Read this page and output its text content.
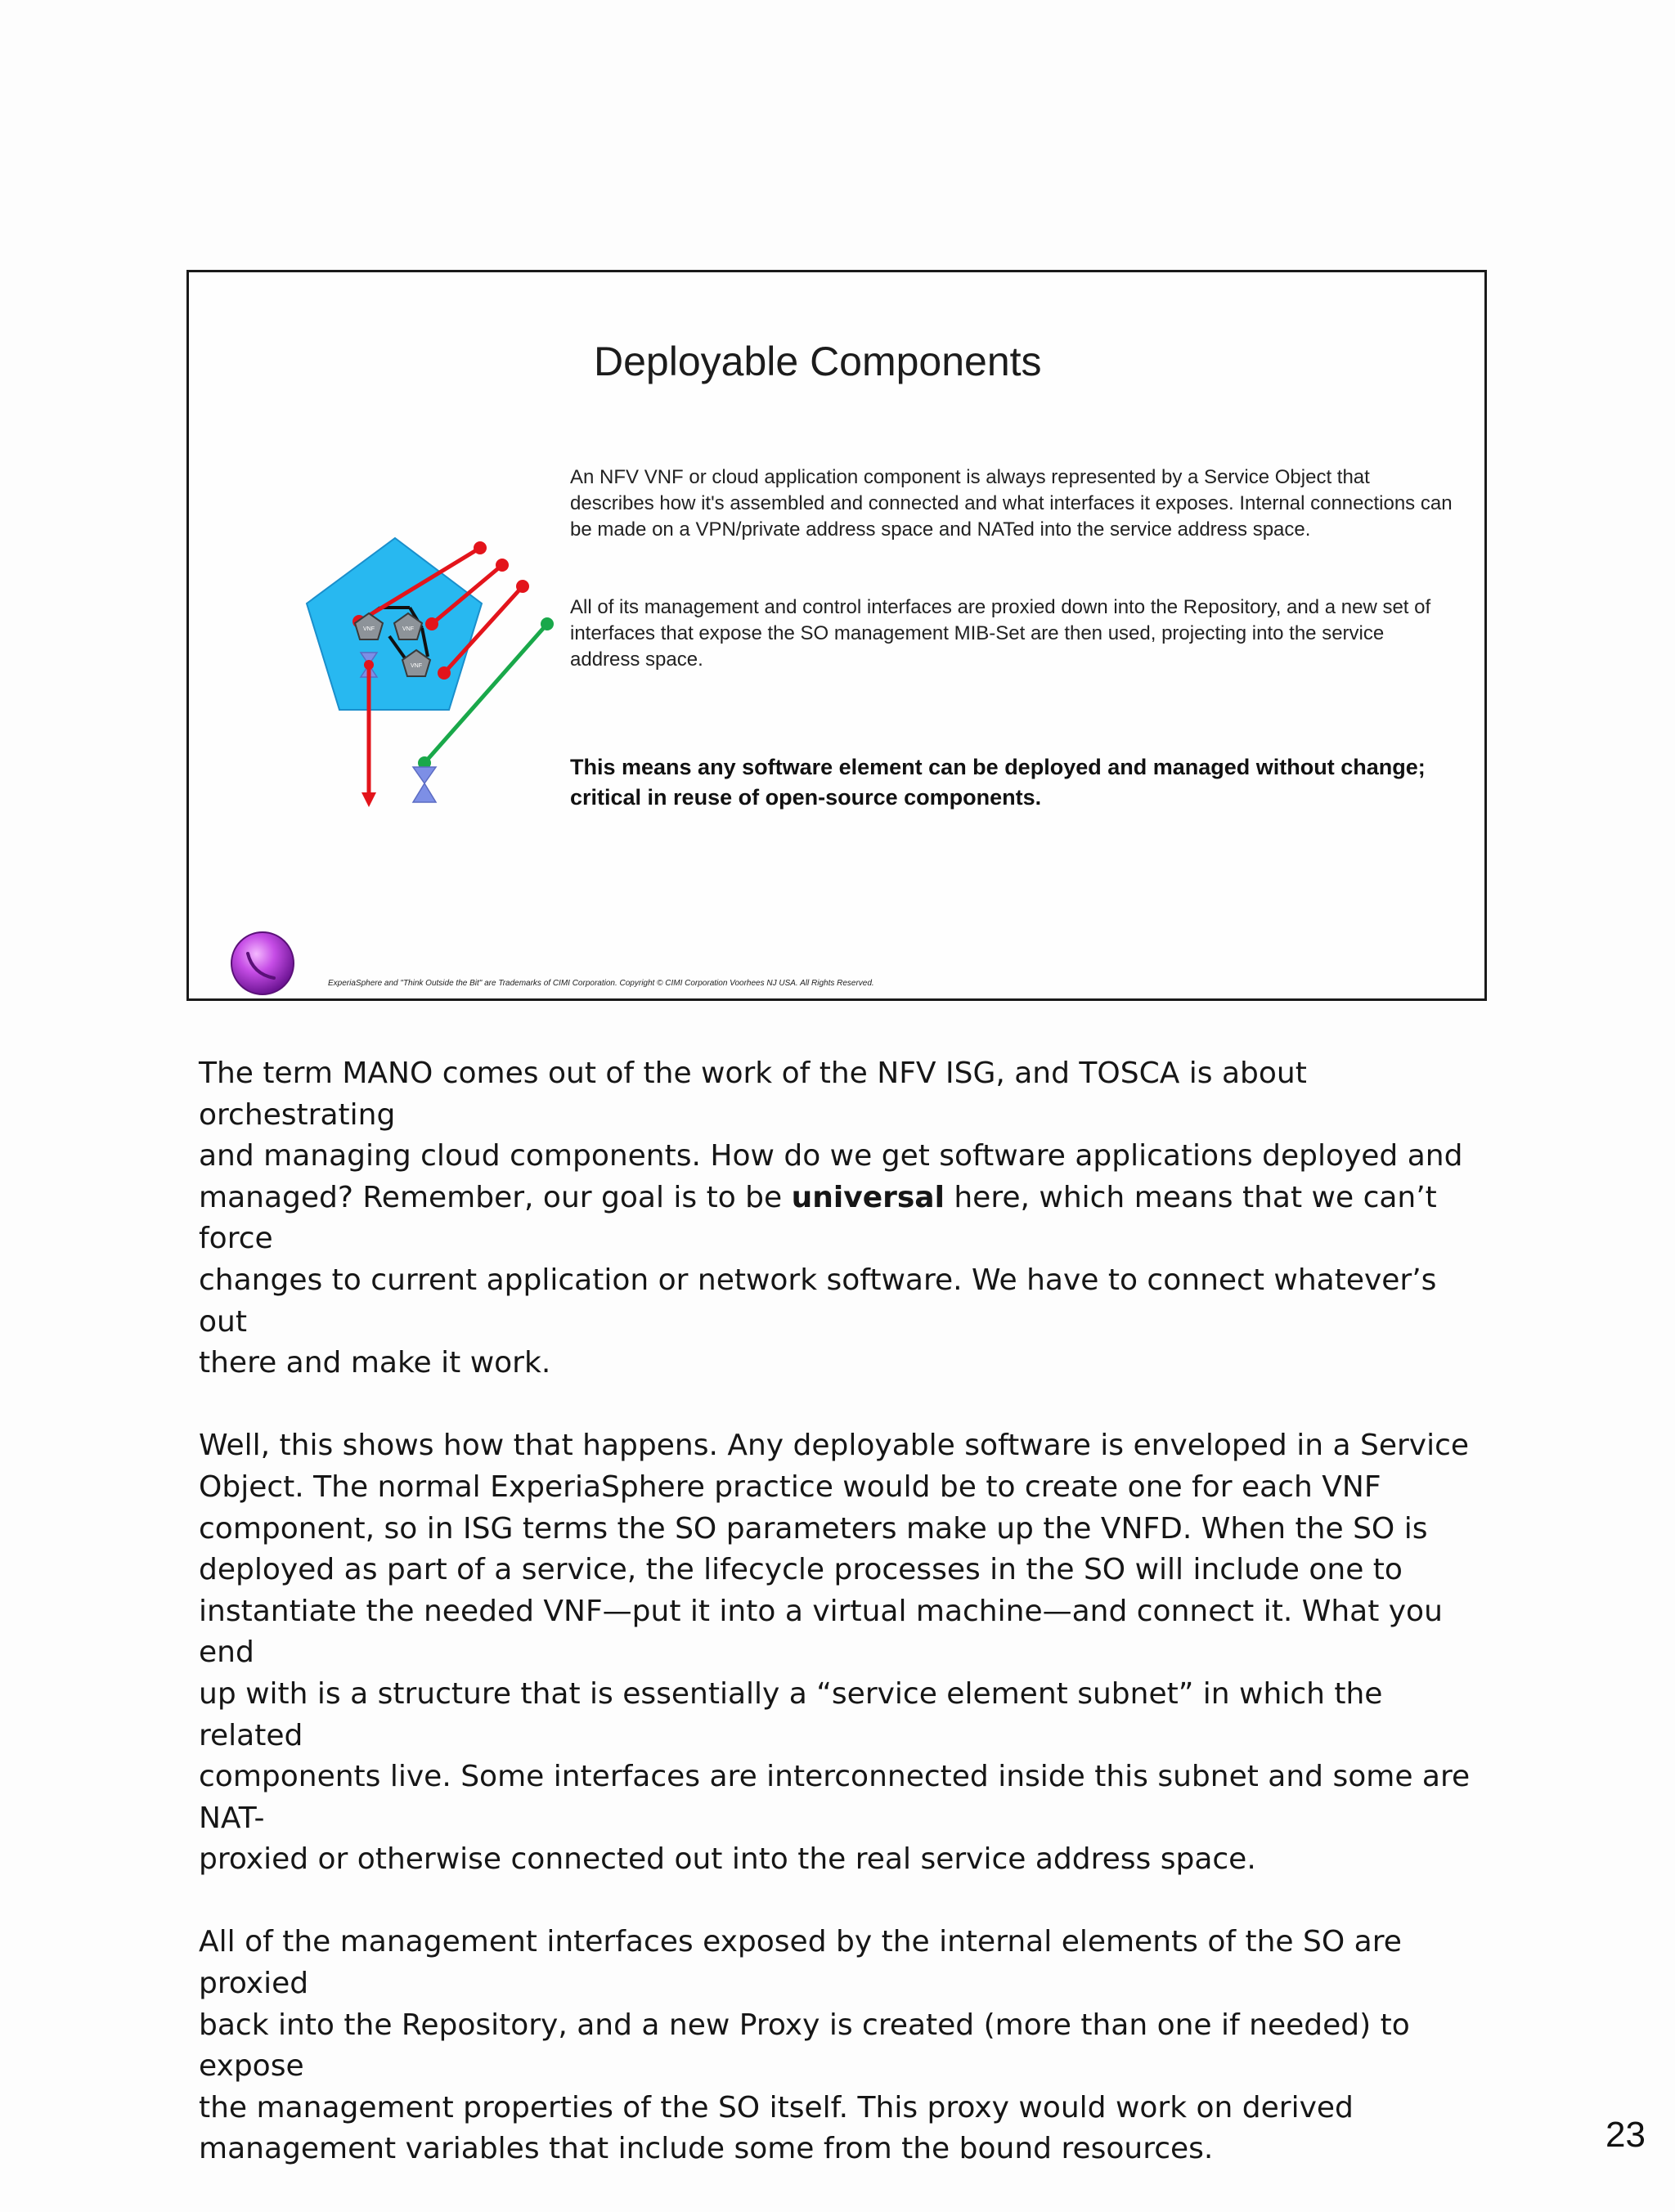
Deployable Components
VNF	VNF
VNF
An NFV VNF or cloud application component is always represented by a Service Object that describes how it's assembled and connected and what interfaces it exposes. Internal connections can be made on a VPN/private address space and NATed into the service address space.
All of its management and control interfaces are proxied down into the Repository, and a new set of interfaces that expose the SO management MIB-Set are then used, projecting into the service address space.
This means any software element can be deployed and managed without change; critical in reuse of open-source components.
ExperiaSphere and "Think Outside the Bit" are Trademarks of CIMI Corporation. Copyright © CIMI Corporation Voorhees NJ USA. All Rights Reserved.

The term MANO comes out of the work of the NFV ISG, and TOSCA is about orchestrating
and managing cloud components. How do we get software applications deployed and
managed? Remember, our goal is to be universal here, which means that we can’t force
changes to current application or network software. We have to connect whatever’s out
there and make it work.

Well, this shows how that happens. Any deployable software is enveloped in a Service
Object. The normal ExperiaSphere practice would be to create one for each VNF
component, so in ISG terms the SO parameters make up the VNFD. When the SO is
deployed as part of a service, the lifecycle processes in the SO will include one to
instantiate the needed VNF—put it into a virtual machine—and connect it. What you end
up with is a structure that is essentially a “service element subnet” in which the related
components live. Some interfaces are interconnected inside this subnet and some are NAT-
proxied or otherwise connected out into the real service address space.

All of the management interfaces exposed by the internal elements of the SO are proxied
back into the Repository, and a new Proxy is created (more than one if needed) to expose
the management properties of the SO itself. This proxy would work on derived
management variables that include some from the bound resources.	23
